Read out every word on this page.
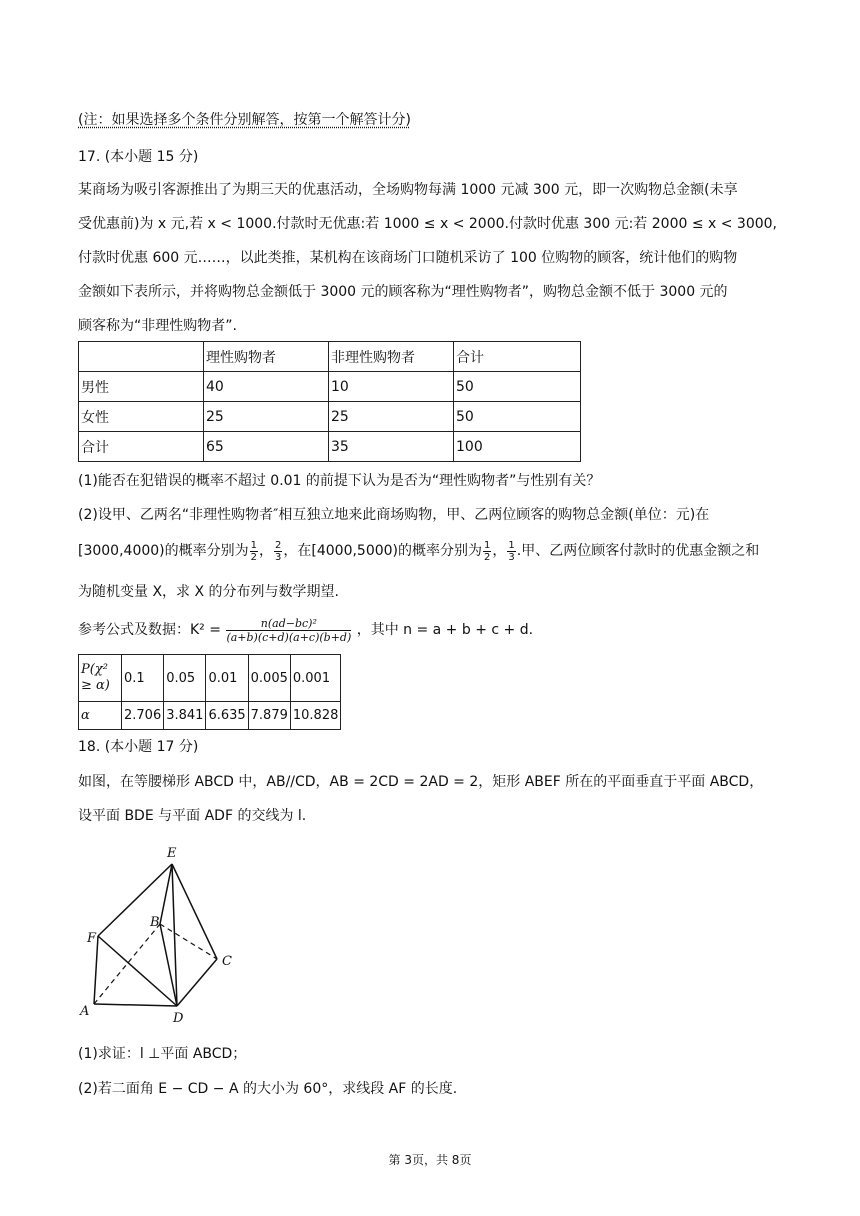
(注：如果选择多个条件分别解答，按第一个解答计分)
17. (本小题 15 分)
某商场为吸引客源推出了为期三天的优惠活动，全场购物每满 1000 元减 300 元，即一次购物总金额(未享
受优惠前)为 x 元,若 x < 1000.付款时无优惠:若 1000 ≤ x < 2000.付款时优惠 300 元:若 2000 ≤ x < 3000,
付款时优惠 600 元……，以此类推，某机构在该商场门口随机采访了 100 位购物的顾客，统计他们的购物
金额如下表所示，并将购物总金额低于 3000 元的顾客称为“理性购物者”，购物总金额不低于 3000 元的
顾客称为“非理性购物者”.
	理性购物者	非理性购物者	合计
男性	40	10	50
女性	25	25	50
合计	65	35	100
(1)能否在犯错误的概率不超过 0.01 的前提下认为是否为“理性购物者”与性别有关？
(2)设甲、乙两名“非理性购物者″相互独立地来此商场购物，甲、乙两位顾客的购物总金额(单位：元)在
[3000,4000)的概率分别为 $\frac{1}{2}$ ， $\frac{2}{3}$ ，在[4000,5000)的概率分别为 $\frac{1}{2}$ ， $\frac{1}{3}$ .甲、乙两位顾客付款时的优惠金额之和
为随机变量 X，求 X 的分布列与数学期望.
参考公式及数据：$K^2 = \frac{\text{n(ad−bc)²}}{(a+b)(c+d)(a+c)(b+d)}$ ，其中 n = a + b + c + d.
P(χ² ≥ α)	0.1	0.05	0.01	0.005	0.001
α	2.706	3.841	6.635	7.879	10.828
18. (本小题 17 分)
如图，在等腰梯形 ABCD 中，AB//CD，AB = 2CD = 2AD = 2，矩形 ABEF 所在的平面垂直于平面 ABCD，
设平面 BDE 与平面 ADF 的交线为 l.
E
B
F
C
A	D
(1)求证：l ⊥平面 ABCD；
(2)若二面角 E − CD − A 的大小为 60°，求线段 AF 的长度.
第 3页，共 8页
